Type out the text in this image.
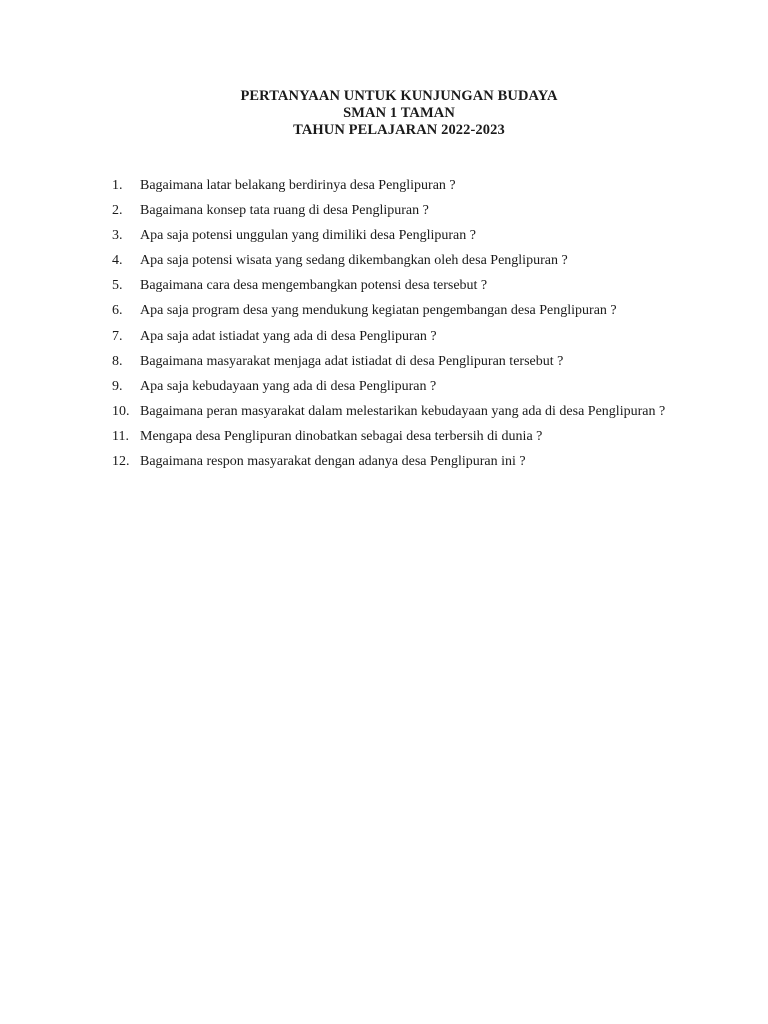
PERTANYAAN UNTUK KUNJUNGAN BUDAYA
SMAN 1 TAMAN
TAHUN PELAJARAN 2022-2023
1.	Bagaimana latar belakang berdirinya desa Penglipuran ?
2.	Bagaimana konsep tata ruang di desa Penglipuran ?
3.	Apa saja potensi unggulan yang dimiliki desa Penglipuran ?
4.	Apa saja potensi wisata yang sedang dikembangkan oleh desa Penglipuran ?
5.	Bagaimana cara desa mengembangkan potensi desa tersebut ?
6.	Apa saja program desa yang mendukung kegiatan pengembangan desa Penglipuran ?
7.	Apa saja adat istiadat yang ada di desa Penglipuran ?
8.	Bagaimana masyarakat menjaga adat istiadat di desa Penglipuran tersebut ?
9.	Apa saja kebudayaan yang ada di desa Penglipuran ?
10. Bagaimana peran masyarakat dalam melestarikan kebudayaan yang ada di desa Penglipuran ?
11. Mengapa desa Penglipuran dinobatkan sebagai desa terbersih di dunia ?
12. Bagaimana respon masyarakat dengan adanya desa Penglipuran ini ?
